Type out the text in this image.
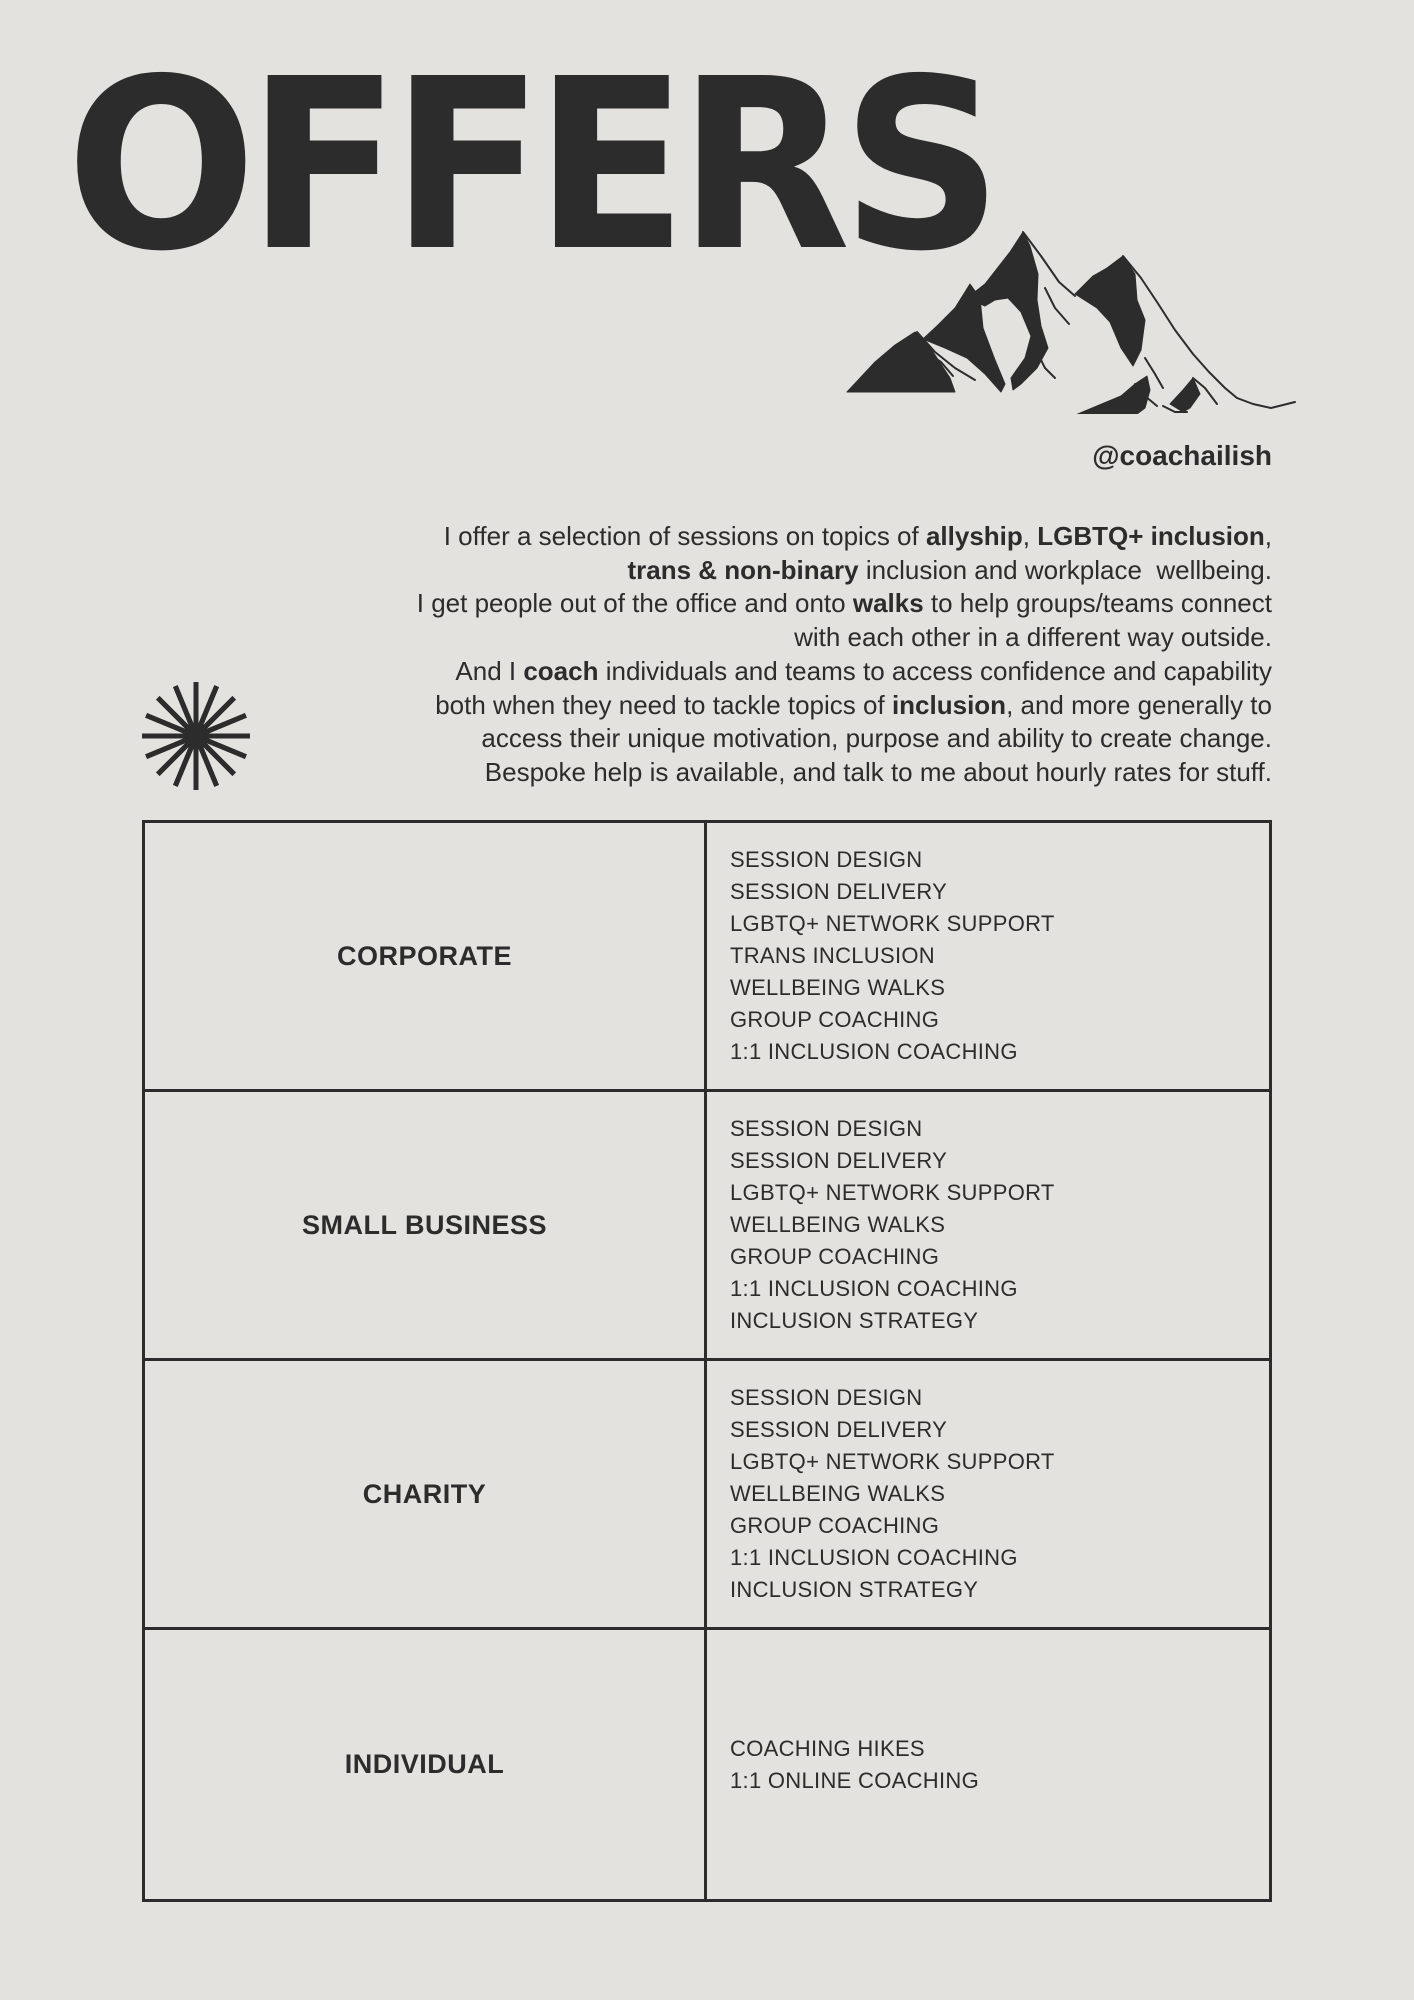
OFFERS
@coachailish

I offer a selection of sessions on topics of allyship, LGBTQ+ inclusion,

trans & non-binary inclusion and workplace  wellbeing.

I get people out of the office and onto walks to help groups/teams connect

with each other in a different way outside.

And I coach individuals and teams to access confidence and capability

both when they need to tackle topics of inclusion, and more generally to

access their unique motivation, purpose and ability to create change.

Bespoke help is available, and talk to me about hourly rates for stuff.

CORPORATE
SESSION DESIGN
SESSION DELIVERY
LGBTQ+ NETWORK SUPPORT
TRANS INCLUSION
WELLBEING WALKS
GROUP COACHING
1:1 INCLUSION COACHING
SMALL BUSINESS
SESSION DESIGN
SESSION DELIVERY
LGBTQ+ NETWORK SUPPORT
WELLBEING WALKS
GROUP COACHING
1:1 INCLUSION COACHING
INCLUSION STRATEGY
CHARITY
SESSION DESIGN
SESSION DELIVERY
LGBTQ+ NETWORK SUPPORT
WELLBEING WALKS
GROUP COACHING
1:1 INCLUSION COACHING
INCLUSION STRATEGY
INDIVIDUAL
COACHING HIKES
1:1 ONLINE COACHING
